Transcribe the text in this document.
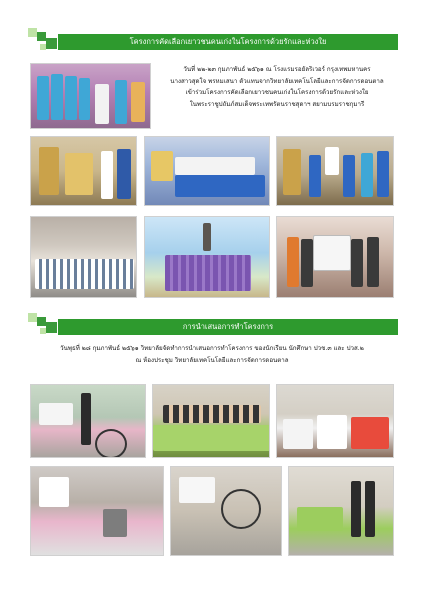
โครงการคัดเลือกเยาวชนคนเก่งในโครงการด้วยรักและห่วงใย
วันที่ ๒๒-๒๓ กุมภาพันธ์ ๒๕๖๑ ณ โรงแรมรอยัลริเวอร์ กรุงเทพมหานคร
นางสาวสุดใจ พรหมเสนา ตัวแทนจากวิทยาลัยเทคโนโลยีและการจัดการดอนตาล
เข้าร่วมโครงการคัดเลือกเยาวชนคนเก่งในโครงการด้วยรักและห่วงใย
ในพระราชูปถัมภ์สมเด็จพระเทพรัตนราชสุดาฯ สยามบรมราชกุมารี
การนำเสนอการทำโครงการ
วันพุธที่ ๒๘ กุมภาพันธ์ ๒๕๖๑ วิทยาลัยจัดทำการนำเสนอการทำโครงการ ของนักเรียน นักศึกษา ปวช.๓ และ ปวส.๒
ณ ห้องประชุม วิทยาลัยเทคโนโลยีและการจัดการดอนตาล
